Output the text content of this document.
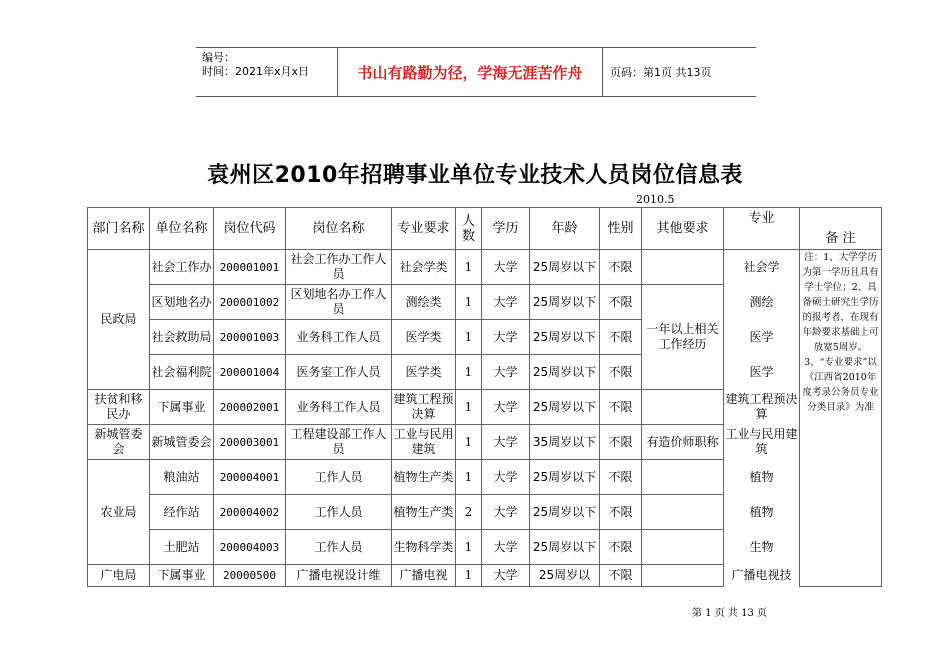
编号：
时间：2021年x月x日	书山有路勤为径，学海无涯苦作舟	页码：第1页 共13页
袁州区2010年招聘事业单位专业技术人员岗位信息表
2010.5
部门名称	单位名称	岗位代码	岗位名称	专业要求	人数	学历	年龄	性别	其他要求	专业	备 注
民政局	社会工作办	200001001	社会工作办工作人员	社会学类	1	大学	25周岁以下	不限		社会学	注：1、大学学历为第一学历且具有学士学位；2、具备硕士研究生学历的报考者，在现有年龄要求基础上可放宽5周岁。3、“专业要求”以《江西省2010年度考录公务员专业分类目录》为准
	区划地名办	200001002	区划地名办工作人员	测绘类	1	大学	25周岁以下	不限	一年以上相关工作经历	测绘	
	社会救助局	200001003	业务科工作人员	医学类	1	大学	25周岁以下	不限		医学	
	社会福利院	200001004	医务室工作人员	医学类	1	大学	25周岁以下	不限		医学	
扶贫和移民办	下属事业	200002001	业务科工作人员	建筑工程预决算	1	大学	25周岁以下	不限		建筑工程预决算	
新城管委会	新城管委会	200003001	工程建设部工作人员	工业与民用建筑	1	大学	35周岁以下	不限	有造价师职称	工业与民用建筑	
农业局	粮油站	200004001	工作人员	植物生产类	1	大学	25周岁以下	不限		植物	
	经作站	200004002	工作人员	植物生产类	2	大学	25周岁以下	不限		植物	
	土肥站	200004003	工作人员	生物科学类	1	大学	25周岁以下	不限		生物	
广电局	下属事业	20000500	广播电视设计维	广播电视	1	大学	25周岁以	不限		广播电视技	
第 1 页 共 13 页
